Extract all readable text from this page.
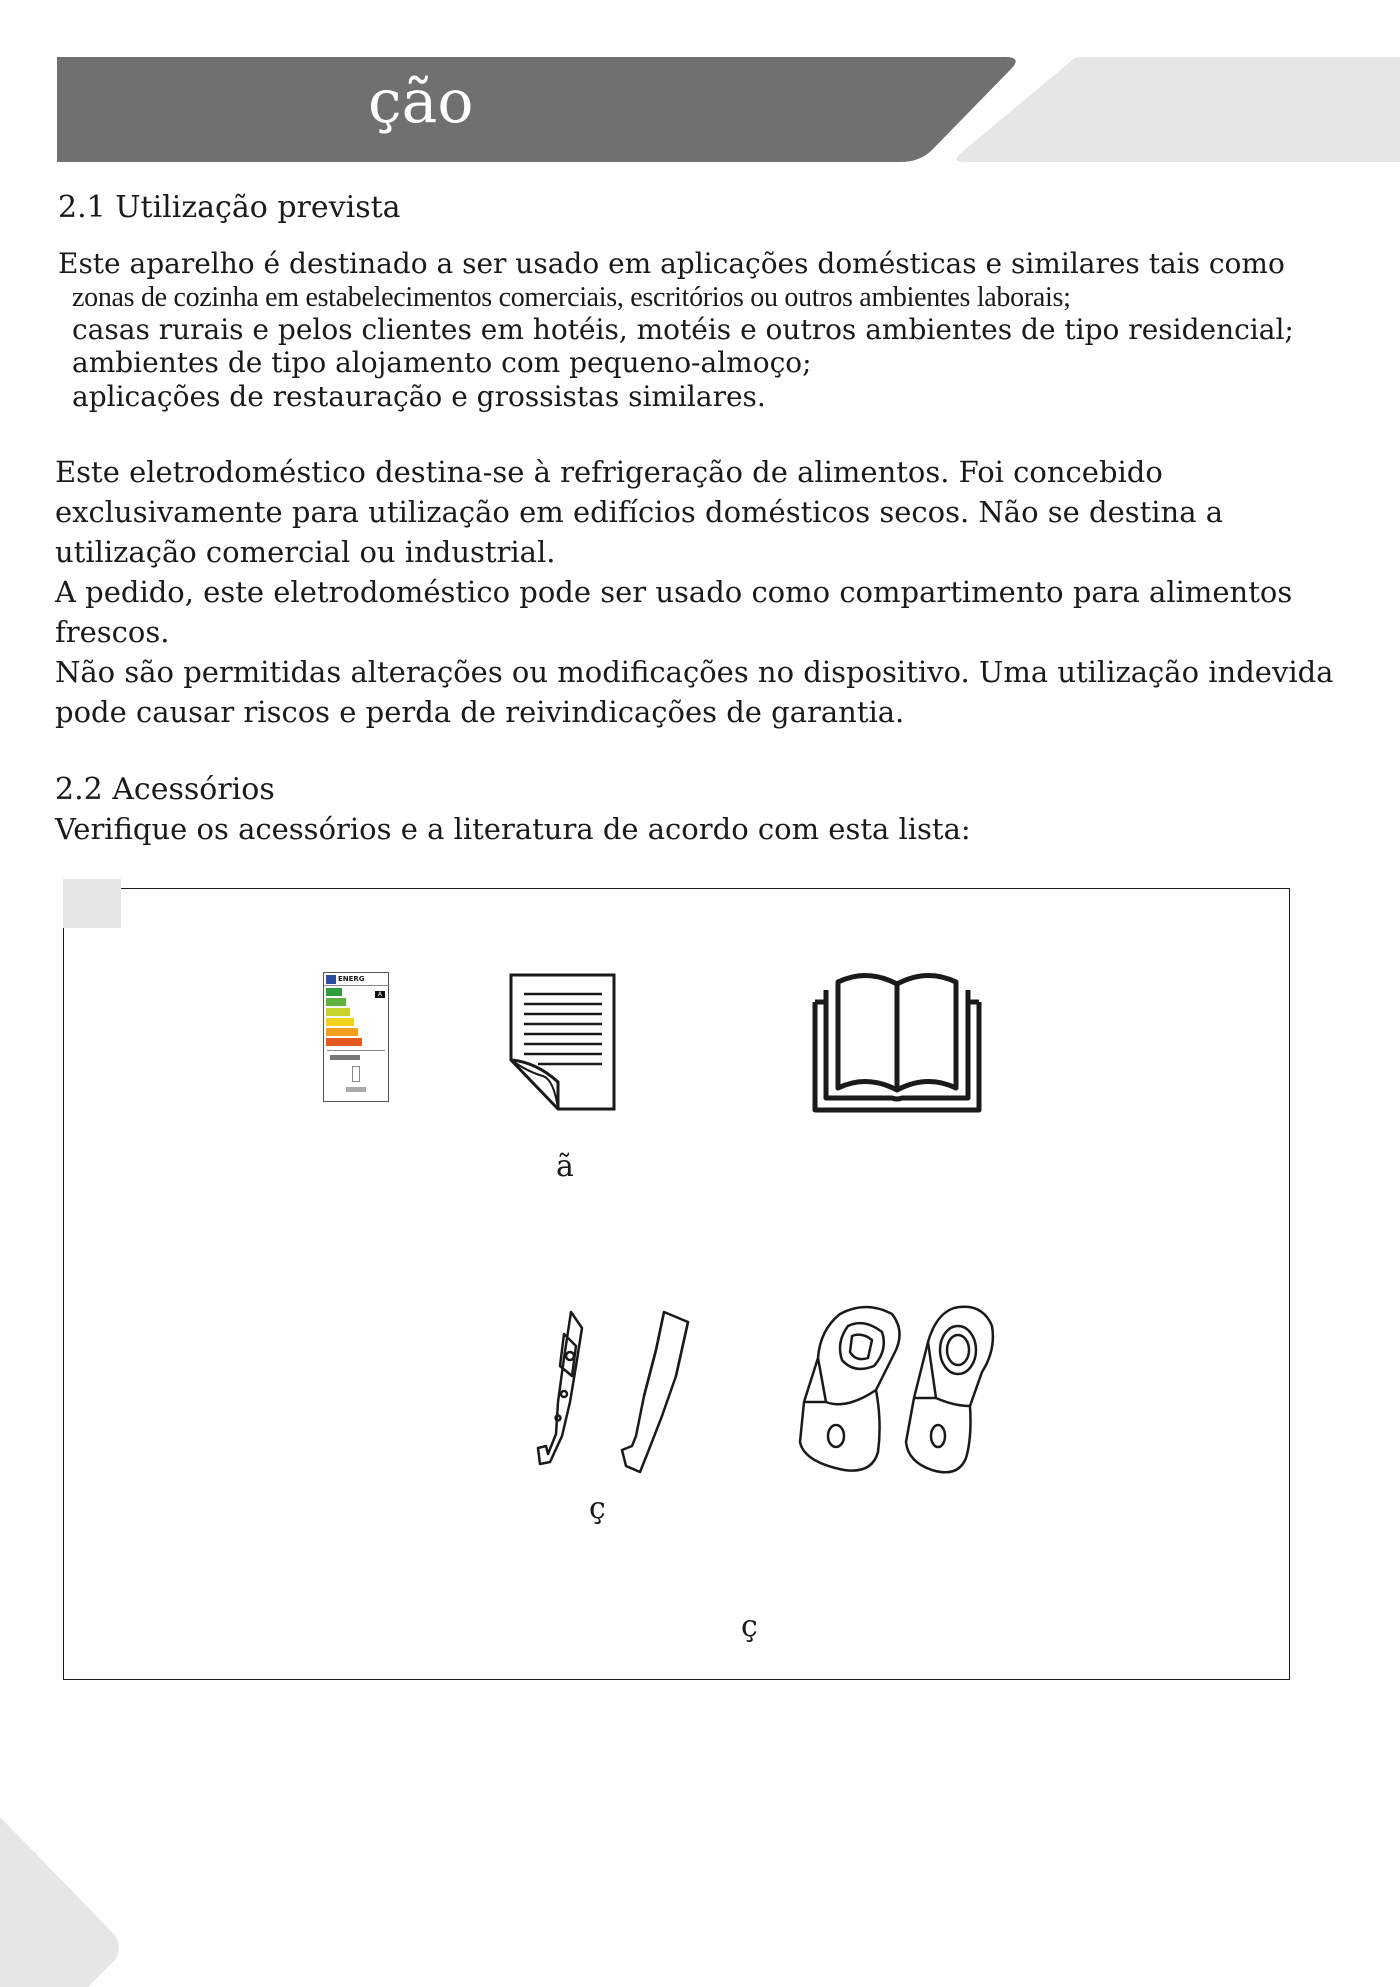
ção
2.1 Utilização prevista
Este aparelho é destinado a ser usado em aplicações domésticas e similares tais como
zonas de cozinha em estabelecimentos comerciais, escritórios ou outros ambientes laborais;
casas rurais e pelos clientes em hotéis, motéis e outros ambientes de tipo residencial;
ambientes de tipo alojamento com pequeno-almoço;
aplicações de restauração e grossistas similares.

Este eletrodoméstico destina-se à refrigeração de alimentos. Foi concebido exclusivamente para utilização em edifícios domésticos secos. Não se destina a utilização comercial ou industrial.

A pedido, este eletrodoméstico pode ser usado como compartimento para alimentos frescos.

Não são permitidas alterações ou modificações no dispositivo. Uma utilização indevida pode causar riscos e perda de reivindicações de garantia.

2.2 Acessórios
Verifique os acessórios e a literatura de acordo com esta lista:
ENERG
A
ã
ç
ç
